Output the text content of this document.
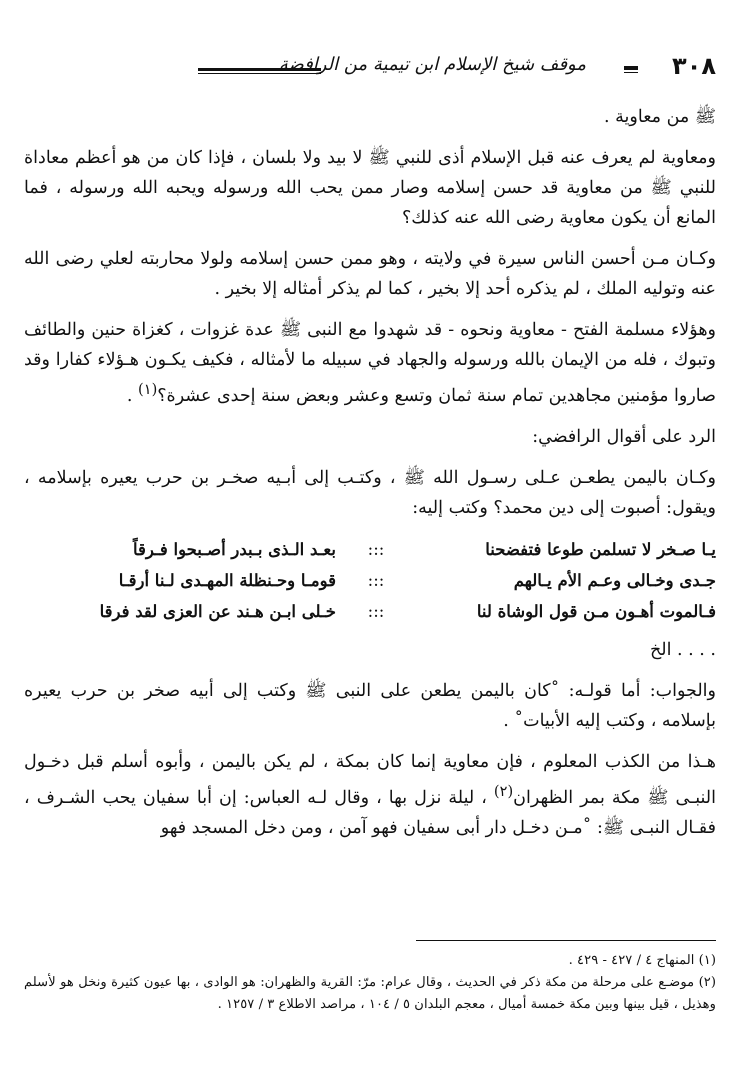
٣٠٨
موقف شيخ الإسلام ابن تيمية من الرافضة

ﷺ من معاوية .

ومعاوية لم يعرف عنه قبل الإسلام أذى للنبي ﷺ لا بيد ولا بلسان ، فإذا كان من هو أعظم معاداة للنبي ﷺ من معاوية قد حسن إسلامه وصار ممن يحب الله ورسوله ويحبه الله ورسوله ، فما المانع أن يكون معاوية رضى الله عنه كذلك؟

وكـان مـن أحسن الناس سيرة في ولايته ، وهو ممن حسن إسلامه ولولا محاربته لعلي رضى الله عنه وتوليه الملك ، لم يذكره أحد إلا بخير ، كما لم يذكر أمثاله إلا بخير .

وهؤلاء مسلمة الفتح - معاوية ونحوه - قد شهدوا مع النبى ﷺ عدة غزوات ، كغزاة حنين والطائف وتبوك ، فله من الإيمان بالله ورسوله والجهاد في سبيله ما لأمثاله ، فكيف يكـون هـؤلاء كفارا وقد صاروا مؤمنين مجاهدين تمام سنة ثمان وتسع وعشر وبعض سنة إحدى عشرة؟$^{(١)}$ .

الرد على أقوال الرافضي:

وكـان باليمن يطعـن عـلى رسـول الله ﷺ ، وكتـب إلى أبـيه صخـر بن حرب يعيره بإسلامه ، ويقول: أصبوت إلى دين محمد؟ وكتب إليه:

يـا صـخر لا تسلمن طوعا فتفضحنا
:::
بعـد الـذى بـبدر أصـبحوا فـرقاً
جـدى وخـالى وعـم الأم يـالهم
:::
قومـا وحـنظلة المهـدى لـنا أرقـا
فـالموت أهـون مـن قول الوشاة لنا
:::
خـلى ابـن هـند عن العزى لقد فرقا

. . . . الخ

والجواب: أما قولـه: ˚كان باليمن يطعن على النبى ﷺ وكتب إلى أبيه صخر بن حرب يعيره بإسلامه ، وكتب إليه الأبيات˚ .

هـذا من الكذب المعلوم ، فإن معاوية إنما كان بمكة ، لم يكن باليمن ، وأبوه أسلم قبل دخـول النبـى ﷺ مكة بمر الظهران$^{(٢)}$ ، ليلة نزل بها ، وقال لـه العباس: إن أبا سفيان يحب الشـرف ، فقـال النبـى ﷺ: ˚مـن دخـل دار أبى سفيان فهو آمن ، ومن دخل المسجد فهو

(١) المنهاج ٤ / ٤٢٧ - ٤٢٩ .

(٢) موضـع على مرحلة من مكة ذكر في الحديث ، وقال عرام: مرّ: القرية والظهران: هو الوادى ، بها عيون كثيرة ونخل هو لأسلم وهذيل ، قيل بينها وبين مكة خمسة أميال ، معجم البلدان ٥ / ١٠٤ ، مراصد الاطلاع ٣ / ١٢٥٧ .
